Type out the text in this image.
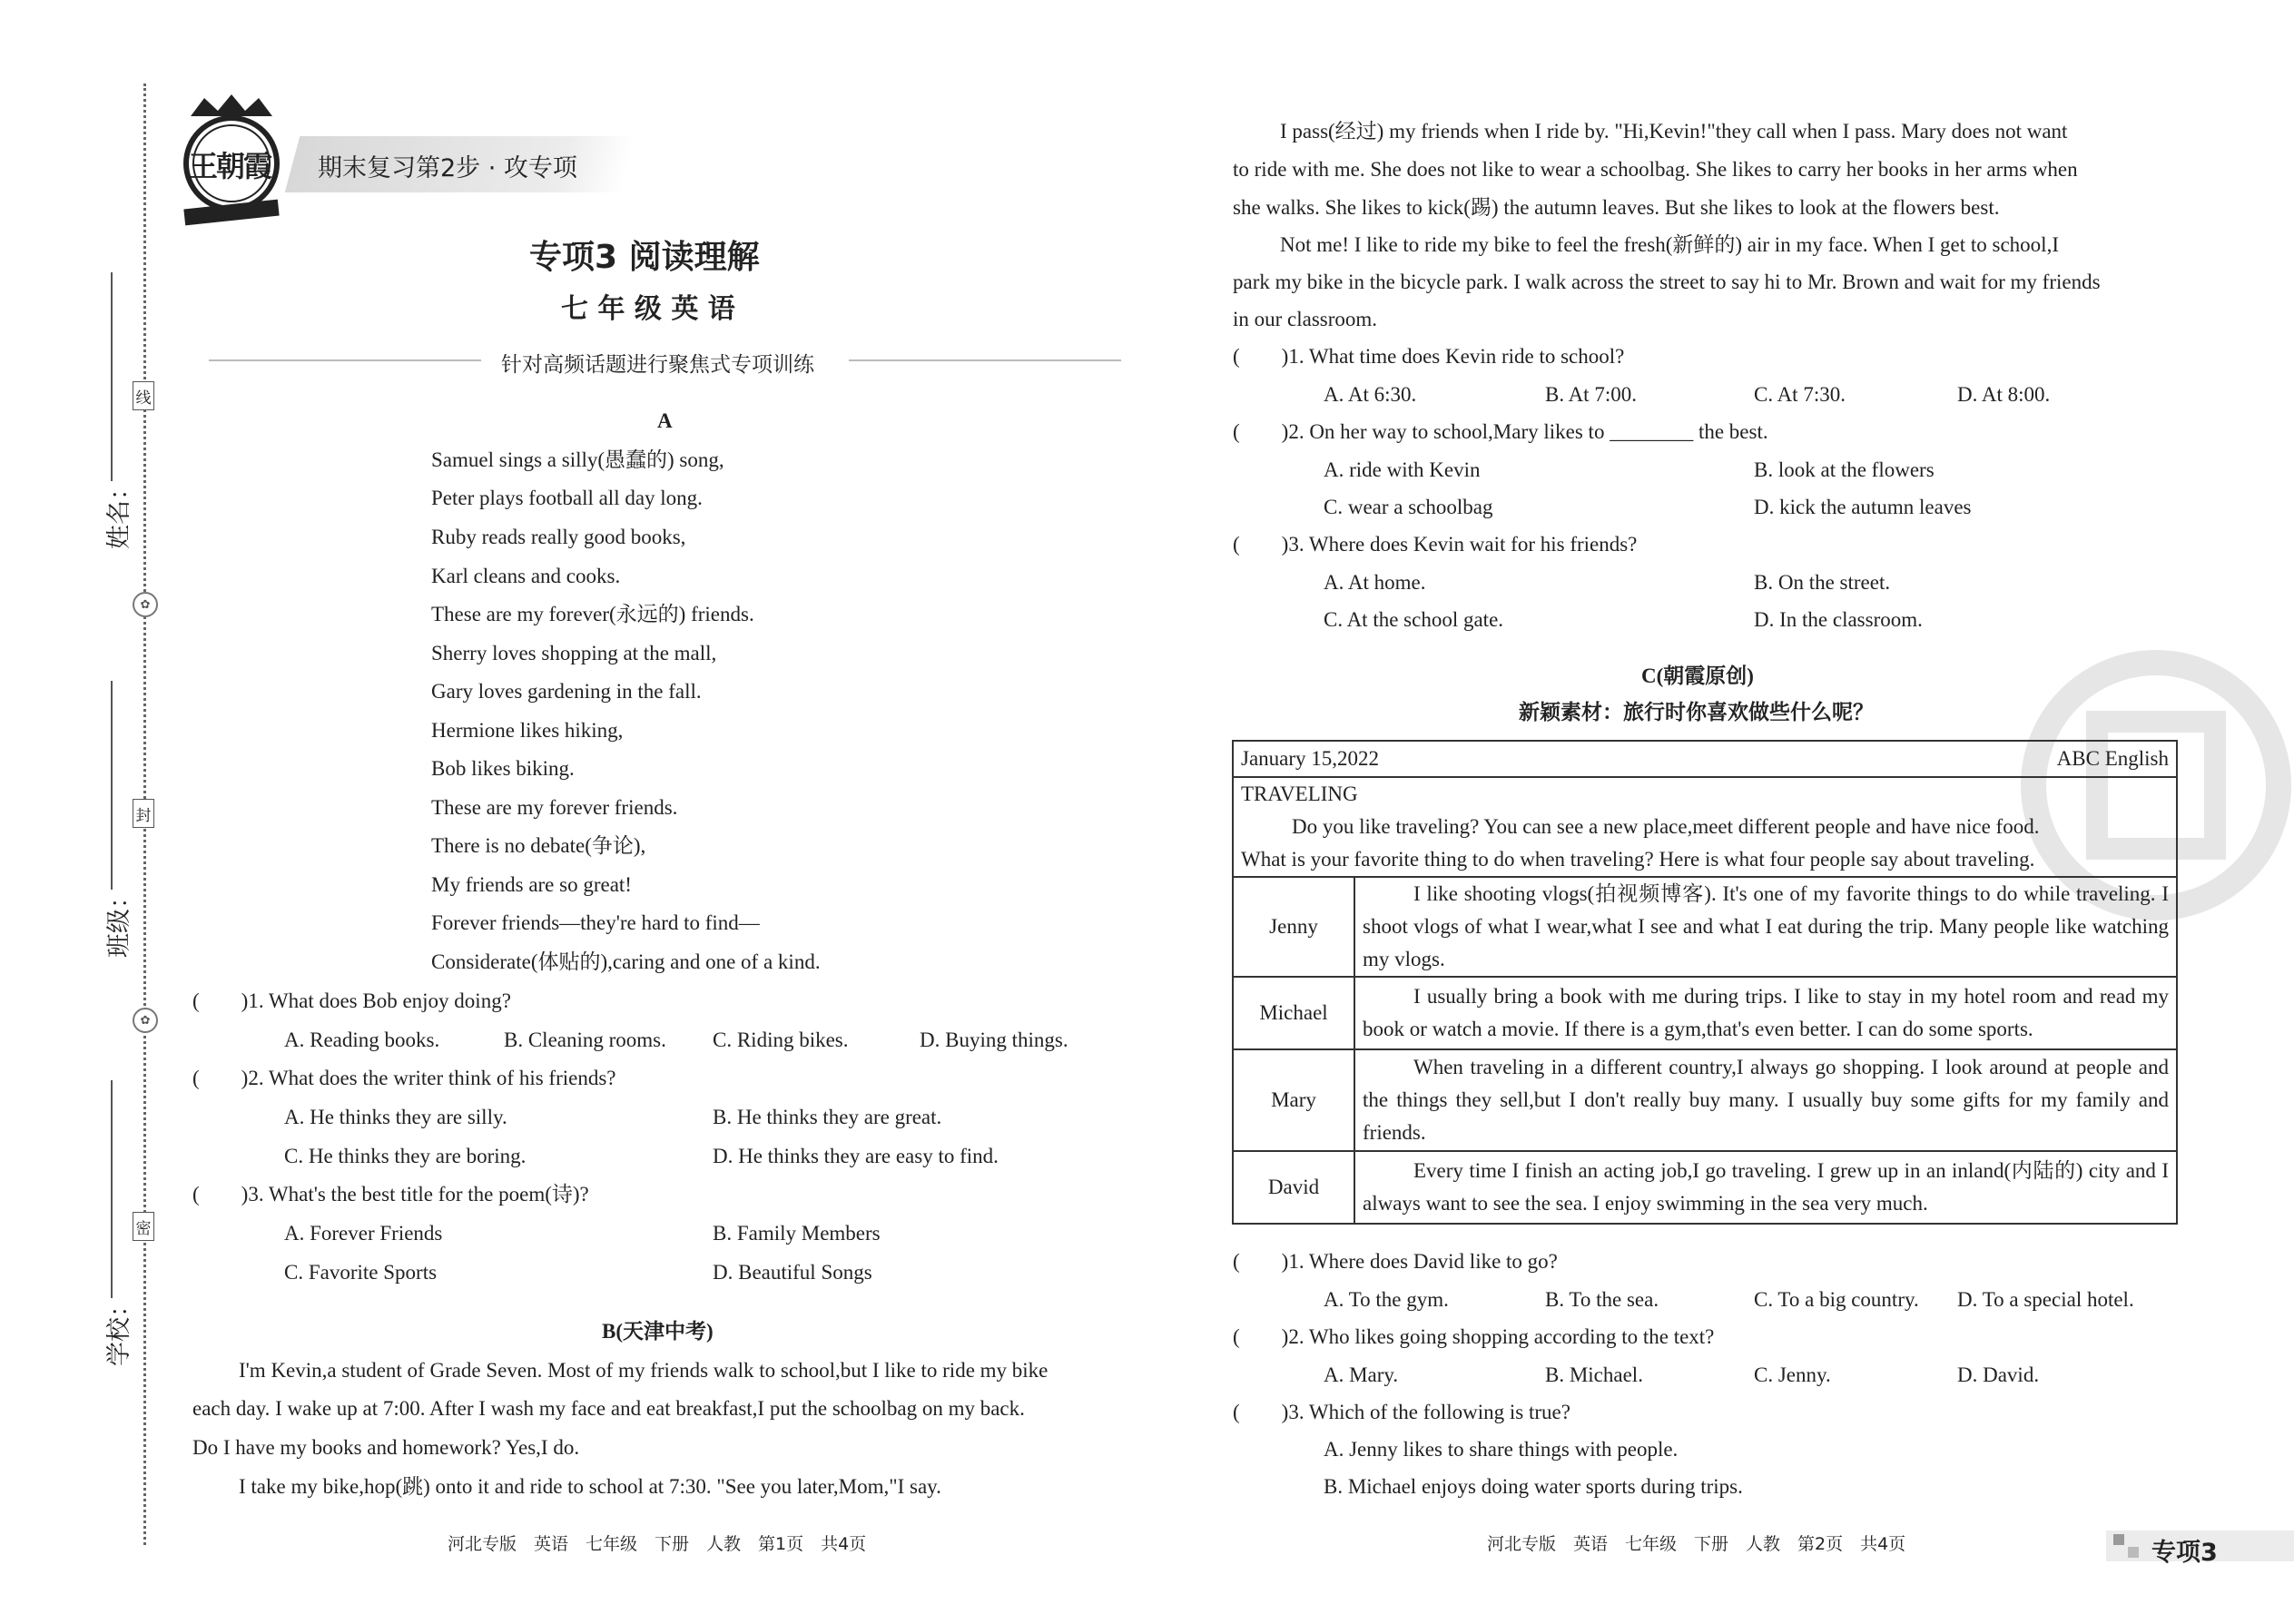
姓名：
班级：
学校：
线
✿
封
✿
密
王朝霞 期末复习第2步 · 攻专项
专项3 阅读理解
七 年 级 英 语
针对高频话题进行聚焦式专项训练
A
Samuel sings a silly(愚蠢的) song,
Peter plays football all day long.
Ruby reads really good books,
Karl cleans and cooks.
These are my forever(永远的) friends.
Sherry loves shopping at the mall,
Gary loves gardening in the fall.
Hermione likes hiking,
Bob likes biking.
These are my forever friends.
There is no debate(争论),
My friends are so great!
Forever friends—they're hard to find—
Considerate(体贴的),caring and one of a kind.
(　　)1. What does Bob enjoy doing?
A. Reading books.	B. Cleaning rooms. C. Riding bikes.	D. Buying things.
(　　)2. What does the writer think of his friends?
A. He thinks they are silly.	B. He thinks they are great.
C. He thinks they are boring.	D. He thinks they are easy to find.
(　　)3. What's the best title for the poem(诗)?
A. Forever Friends	B. Family Members
C. Favorite Sports	D. Beautiful Songs
B(天津中考)
I'm Kevin,a student of Grade Seven. Most of my friends walk to school,but I like to ride my bike
each day. I wake up at 7:00. After I wash my face and eat breakfast,I put the schoolbag on my back.
Do I have my books and homework? Yes,I do.
I take my bike,hop(跳) onto it and ride to school at 7:30. "See you later,Mom,"I say.
河北专版　英语　七年级　下册　人教　第1页　共4页
I pass(经过) my friends when I ride by. "Hi,Kevin!"they call when I pass. Mary does not want
to ride with me. She does not like to wear a schoolbag. She likes to carry her books in her arms when
she walks. She likes to kick(踢) the autumn leaves. But she likes to look at the flowers best.
Not me! I like to ride my bike to feel the fresh(新鲜的) air in my face. When I get to school,I
park my bike in the bicycle park. I walk across the street to say hi to Mr. Brown and wait for my friends
in our classroom.
(　　)1. What time does Kevin ride to school?
A. At 6:30.	B. At 7:00.	C. At 7:30.	D. At 8:00.
(　　)2. On her way to school,Mary likes to ________ the best.
A. ride with Kevin	B. look at the flowers
C. wear a schoolbag	D. kick the autumn leaves
(　　)3. Where does Kevin wait for his friends?
A. At home.	B. On the street.
C. At the school gate.	D. In the classroom.
C(朝霞原创)
新颖素材：旅行时你喜欢做些什么呢？
January 15,2022 ABC English	

TRAVELING
Do you like traveling? You can see a new place,meet different people and have nice food.
What is your favorite thing to do when traveling? Here is what four people say about traveling.	

Jenny	I like shooting vlogs(拍视频博客). It's one of my favorite things to do while traveling. I shoot vlogs of what I wear,what I see and what I eat during the trip. Many people like watching my vlogs.
Michael	I usually bring a book with me during trips. I like to stay in my hotel room and read my book or watch a movie. If there is a gym,that's even better. I can do some sports.
Mary	When traveling in a different country,I always go shopping. I look around at people and the things they sell,but I don't really buy many. I usually buy some gifts for my family and friends.
David	Every time I finish an acting job,I go traveling. I grew up in an inland(内陆的) city and I always want to see the sea. I enjoy swimming in the sea very much.
(　　)1. Where does David like to go?
A. To the gym.	B. To the sea.	C. To a big country. D. To a special hotel.
(　　)2. Who likes going shopping according to the text?
A. Mary.	B. Michael.	C. Jenny.	D. David.
(　　)3. Which of the following is true?
A. Jenny likes to share things with people.
B. Michael enjoys doing water sports during trips.
河北专版　英语　七年级　下册　人教　第2页　共4页	专项3
